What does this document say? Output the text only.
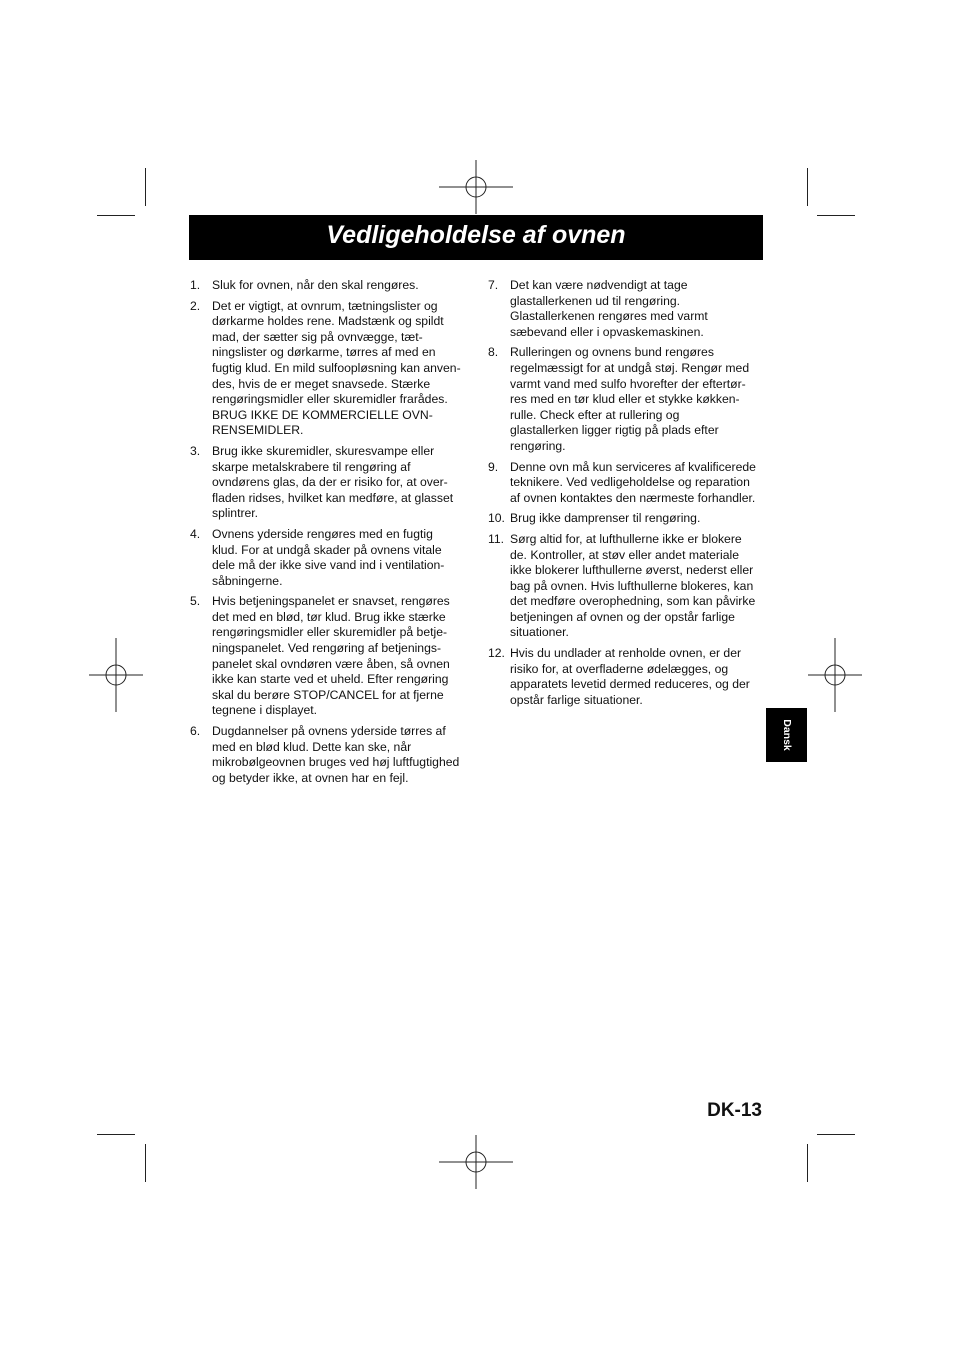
Vedligeholdelse af ovnen
1. Sluk for ovnen, når den skal rengøres.
2. Det er vigtigt, at ovnrum, tætningslister og
dørkarme holdes rene. Madstænk og spildt
mad, der sætter sig på ovnvægge, tæt-
ningslister og dørkarme, tørres af med en
fugtig klud. En mild sulfoopløsning kan anven-
des, hvis de er meget snavsede. Stærke
rengøringsmidler eller skuremidler frarådes.
BRUG IKKE DE KOMMERCIELLE OVN-
RENSEMIDLER.
3. Brug ikke skuremidler, skuresvampe eller
skarpe metalskrabere til rengøring af
ovndørens glas, da der er risiko for, at over-
fladen ridses, hvilket kan medføre, at glasset
splintrer.
4. Ovnens yderside rengøres med en fugtig
klud. For at undgå skader på ovnens vitale
dele må der ikke sive vand ind i ventilation-
såbningerne.
5. Hvis betjeningspanelet er snavset, rengøres
det med en blød, tør klud. Brug ikke stærke
rengøringsmidler eller skuremidler på betje-
ningspanelet. Ved rengøring af betjenings-
panelet skal ovndøren være åben, så ovnen
ikke kan starte ved et uheld. Efter rengøring
skal du berøre STOP/CANCEL for at fjerne
tegnene i displayet.
6. Dugdannelser på ovnens yderside tørres af
med en blød klud. Dette kan ske, når
mikrobølgeovnen bruges ved høj luftfugtighed
og betyder ikke, at ovnen har en fejl.
7. Det kan være nødvendigt at tage
glastallerkenen ud til rengøring.
Glastallerkenen rengøres med varmt
sæbevand eller i opvaskemaskinen.
8. Rulleringen og ovnens bund rengøres
regelmæssigt for at undgå støj. Rengør med
varmt vand med sulfo hvorefter der eftertør-
res med en tør klud eller et stykke køkken-
rulle. Check efter at rullering og
glastallerken ligger rigtig på plads efter
rengøring.
9. Denne ovn må kun serviceres af kvalificerede
teknikere. Ved vedligeholdelse og reparation
af ovnen kontaktes den nærmeste forhandler.
10. Brug ikke damprenser til rengøring.
11. Sørg altid for, at lufthullerne ikke er blokere
de. Kontroller, at støv eller andet materiale
ikke blokerer lufthullerne øverst, nederst eller
bag på ovnen. Hvis lufthullerne blokeres, kan
det medføre overophedning, som kan påvirke
betjeningen af ovnen og der opstår farlige
situationer.
12. Hvis du undlader at renholde ovnen, er der
risiko for, at overfladerne ødelægges, og
apparatets levetid dermed reduceres, og der
opstår farlige situationer.
Dansk
DK-13
